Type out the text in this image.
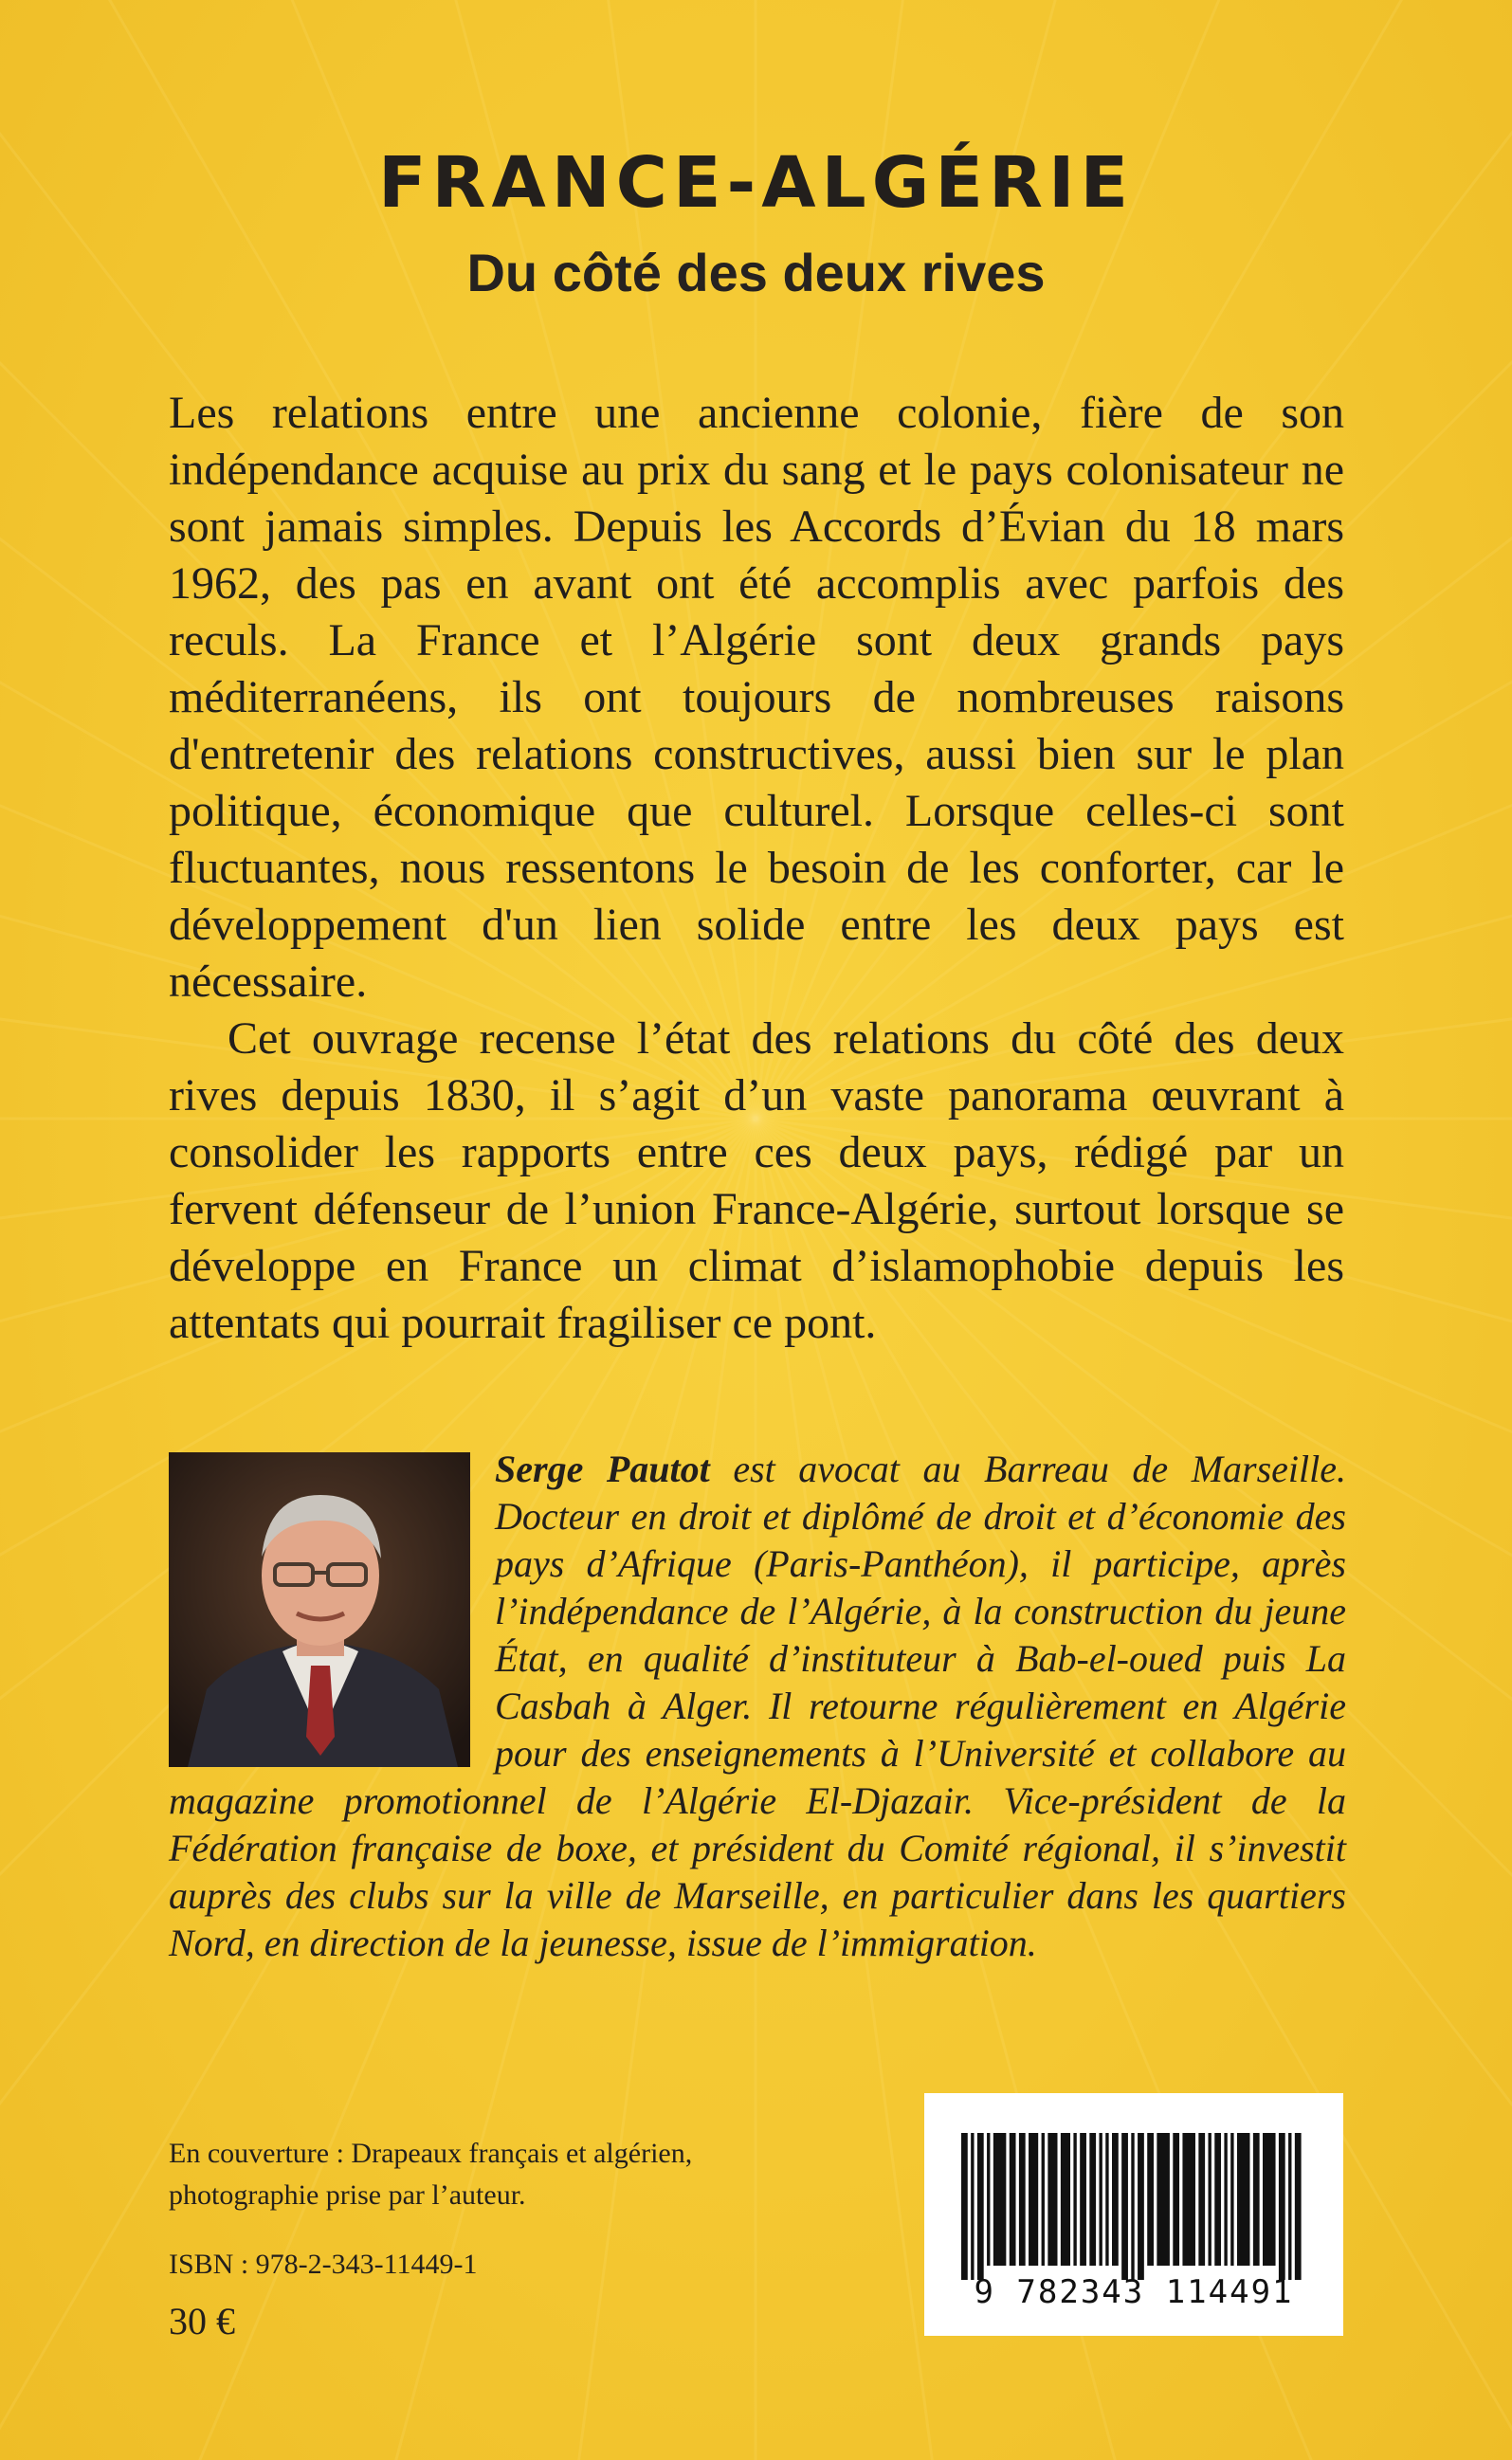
FRANCE-ALGÉRIE
Du côté des deux rives

Les relations entre une ancienne colonie, fière de son indépendance acquise au prix du sang et le pays colonisateur ne sont jamais simples. Depuis les Accords d’Évian du 18 mars 1962, des pas en avant ont été accomplis avec parfois des reculs. La France et l’Algérie sont deux grands pays méditerranéens, ils ont toujours de nombreuses raisons d'entretenir des relations constructives, aussi bien sur le plan politique, économique que culturel. Lorsque celles-ci sont fluctuantes, nous ressentons le besoin de les conforter, car le développement d'un lien solide entre les deux pays est nécessaire.

Cet ouvrage recense l’état des relations du côté des deux rives depuis 1830, il s’agit d’un vaste panorama œuvrant à consolider les rapports entre ces deux pays, rédigé par un fervent défenseur de l’union France-Algérie, surtout lorsque se développe en France un climat d’islamophobie depuis les attentats qui pourrait fragiliser ce pont.

Serge Pautot est avocat au Barreau de Marseille. Docteur en droit et diplômé de droit et d’économie des pays d’Afrique (Paris-Panthéon), il participe, après l’indépendance de l’Algérie, à la construction du jeune État, en qualité d’instituteur à Bab-el-oued puis La Casbah à Alger. Il retourne régulièrement en Algérie pour des enseignements à l’Université et collabore au magazine promotionnel de l’Algérie El-Djazair. Vice-président de la Fédération française de boxe, et président du Comité régional, il s’investit auprès des clubs sur la ville de Marseille, en particulier dans les quartiers Nord, en direction de la jeunesse, issue de l’immigration.
En couverture : Drapeaux français et algérien,
photographie prise par l’auteur.
ISBN : 978-2-343-11449-1
30 €
9 782343 114491
